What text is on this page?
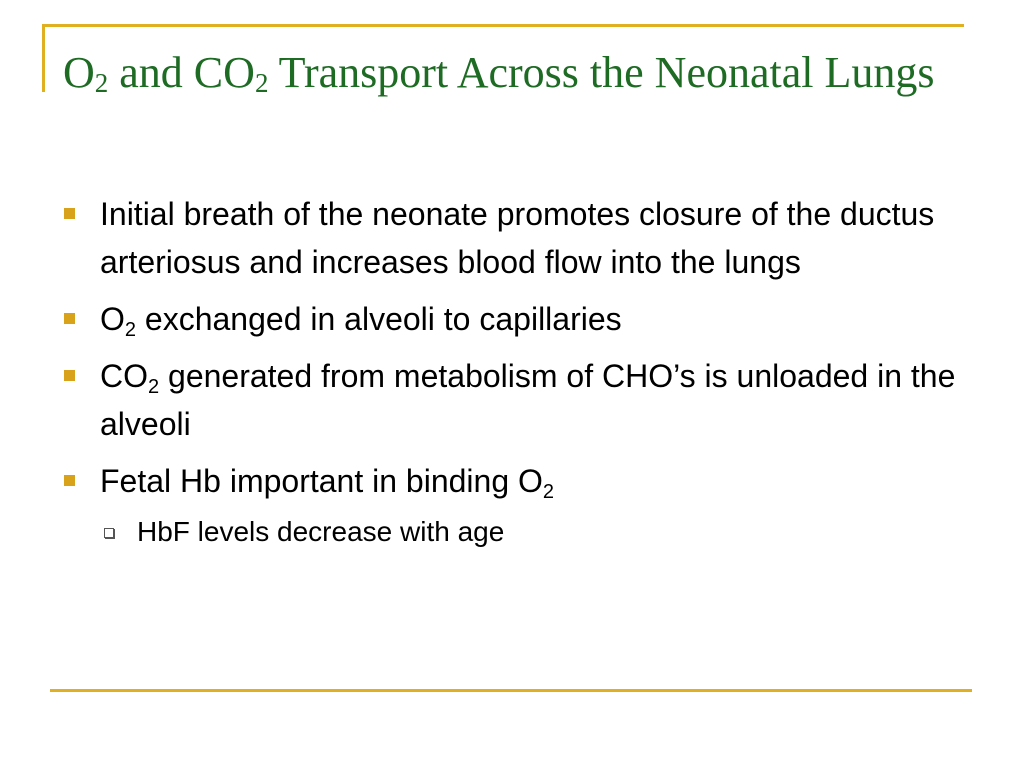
$O_2$ and $CO_2$ Transport Across the Neonatal Lungs
Initial breath of the neonate promotes closure of the ductus arteriosus and increases blood flow into the lungs
$O_2$ exchanged in alveoli to capillaries
$CO_2$ generated from metabolism of CHO’s is unloaded in the alveoli
Fetal Hb important in binding $O_2$
HbF levels decrease with age
